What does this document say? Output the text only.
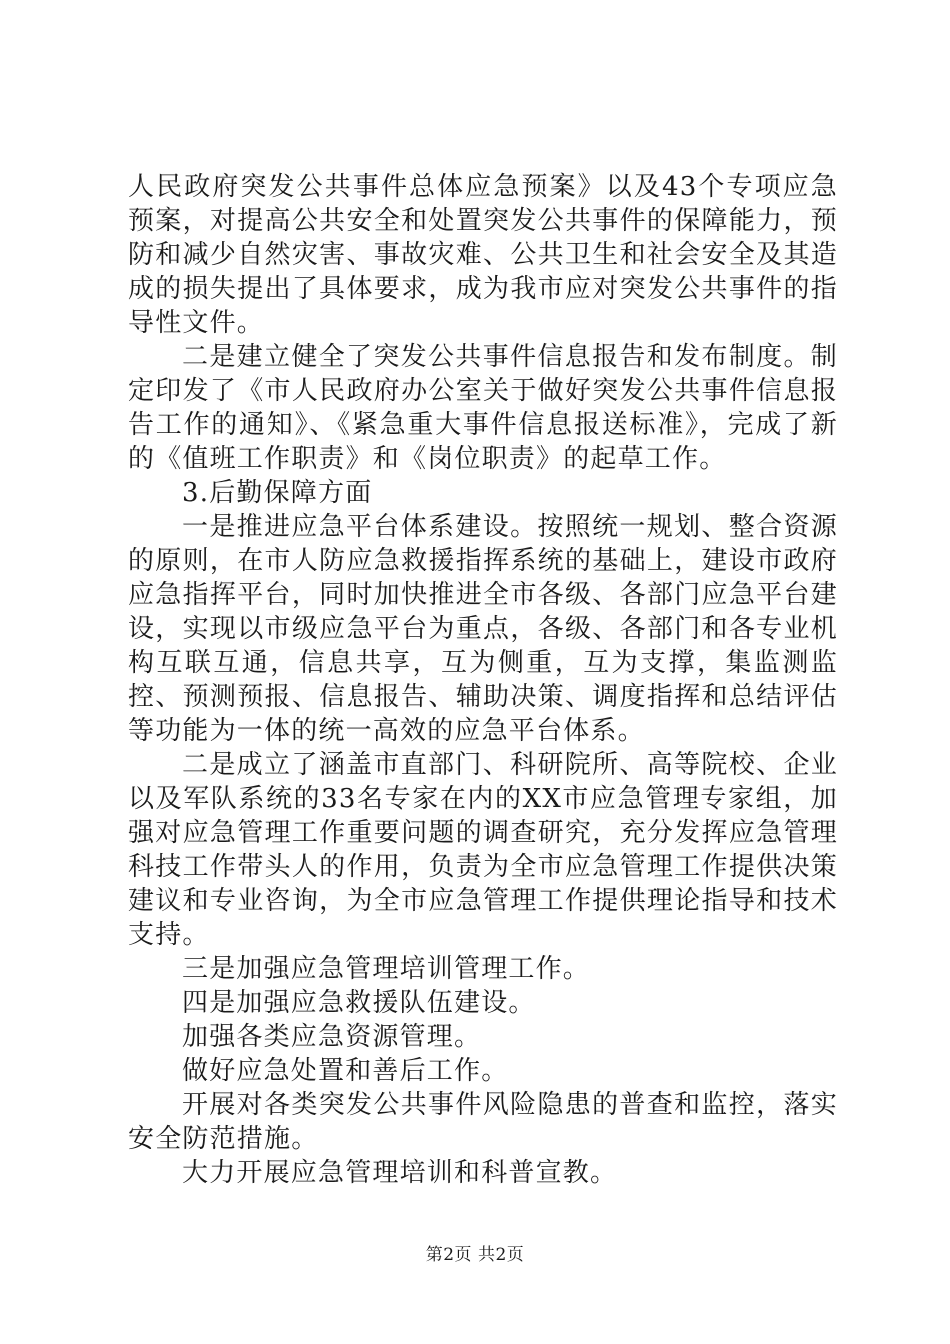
人民政府突发公共事件总体应急预案》以及43个专项应急预案，对提高公共安全和处置突发公共事件的保障能力，预防和减少自然灾害、事故灾难、公共卫生和社会安全及其造成的损失提出了具体要求，成为我市应对突发公共事件的指导性文件。

二是建立健全了突发公共事件信息报告和发布制度。制定印发了《市人民政府办公室关于做好突发公共事件信息报告工作的通知》、《紧急重大事件信息报送标准》，完成了新的《值班工作职责》和《岗位职责》的起草工作。

3.后勤保障方面

一是推进应急平台体系建设。按照统一规划、整合资源的原则，在市人防应急救援指挥系统的基础上，建设市政府应急指挥平台，同时加快推进全市各级、各部门应急平台建设，实现以市级应急平台为重点，各级、各部门和各专业机构互联互通，信息共享，互为侧重，互为支撑，集监测监控、预测预报、信息报告、辅助决策、调度指挥和总结评估等功能为一体的统一高效的应急平台体系。

二是成立了涵盖市直部门、科研院所、高等院校、企业以及军队系统的33名专家在内的XX市应急管理专家组，加强对应急管理工作重要问题的调查研究，充分发挥应急管理科技工作带头人的作用，负责为全市应急管理工作提供决策建议和专业咨询，为全市应急管理工作提供理论指导和技术支持。

三是加强应急管理培训管理工作。

四是加强应急救援队伍建设。

加强各类应急资源管理。

做好应急处置和善后工作。

开展对各类突发公共事件风险隐患的普查和监控，落实安全防范措施。

大力开展应急管理培训和科普宣教。

第2页 共2页
